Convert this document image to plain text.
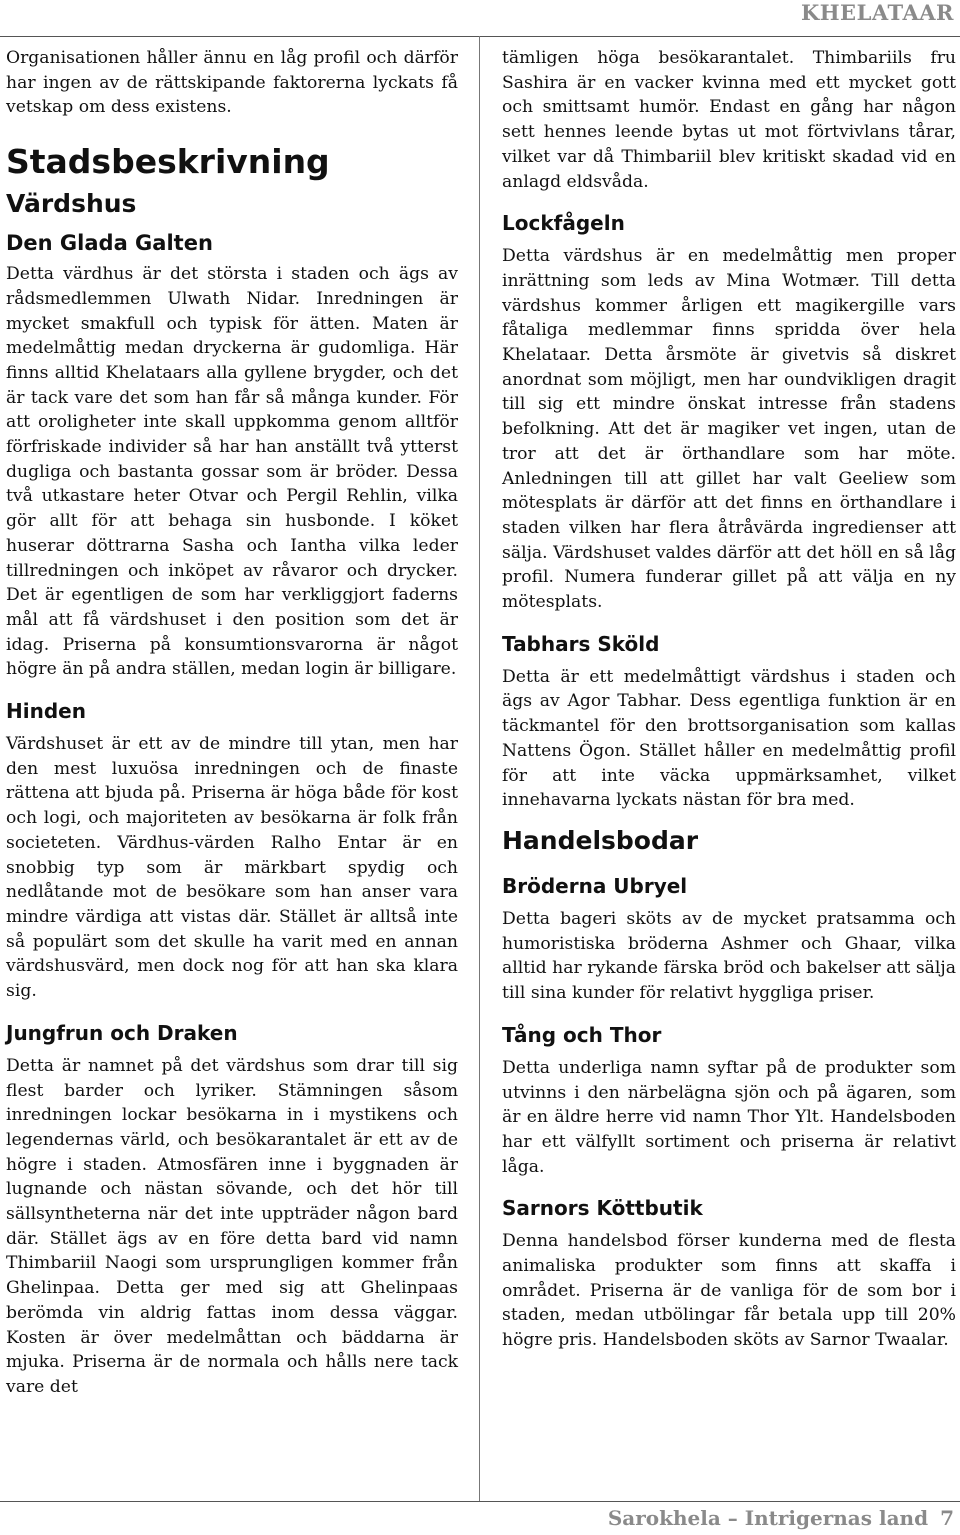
KHELATAAR

Organisationen håller ännu en låg profil och därför har ingen av de rättskipande faktorerna lyckats få vetskap om dess existens.

Stadsbeskrivning
Värdshus
Den Glada Galten

Detta värdhus är det största i staden och ägs av rådsmedlemmen Ulwath Nidar. Inredningen är mycket smakfull och typisk för ätten. Maten är medelmåttig medan dryckerna är gudomliga. Här finns alltid Khelataars alla gyllene brygder, och det är tack vare det som han får så många kunder. För att oroligheter inte skall uppkomma genom alltför förfriskade individer så har han anställt två ytterst dugliga och bastanta gossar som är bröder. Dessa två utkastare heter Otvar och Pergil Rehlin, vilka gör allt för att behaga sin husbonde. I köket huserar döttrarna Sasha och Iantha vilka leder tillredningen och inköpet av råvaror och drycker. Det är egentligen de som har verkliggjort faderns mål att få värdshuset i den position som det är idag. Priserna på konsumtionsvarorna är något högre än på andra ställen, medan login är billigare.

Hinden

Värdshuset är ett av de mindre till ytan, men har den mest luxuösa inredningen och de finaste rättena att bjuda på. Priserna är höga både för kost och logi, och majoriteten av besökarna är folk från societeten. Värdhus-värden Ralho Entar är en snobbig typ som är märkbart spydig och nedlåtande mot de besökare som han anser vara mindre värdiga att vistas där. Stället är alltså inte så populärt som det skulle ha varit med en annan värdshusvärd, men dock nog för att han ska klara sig.

Jungfrun och Draken

Detta är namnet på det värdshus som drar till sig flest barder och lyriker. Stämningen såsom inredningen lockar besökarna in i mystikens och legendernas värld, och besökarantalet är ett av de högre i staden. Atmosfären inne i byggnaden är lugnande och nästan sövande, och det hör till sällsyntheterna när det inte uppträder någon bard där. Stället ägs av en före detta bard vid namn Thimbariil Naogi som ursprungligen kommer från Ghelinpaa. Detta ger med sig att Ghelinpaas berömda vin aldrig fattas inom dessa väggar. Kosten är över medelmåttan och bäddarna är mjuka. Priserna är de normala och hålls nere tack vare det

tämligen höga besökarantalet. Thimbariils fru Sashira är en vacker kvinna med ett mycket gott och smittsamt humör. Endast en gång har någon sett hennes leende bytas ut mot förtvivlans tårar, vilket var då Thimbariil blev kritiskt skadad vid en anlagd eldsvåda.

Lockfågeln

Detta värdshus är en medelmåttig men proper inrättning som leds av Mina Wotmær. Till detta värdshus kommer årligen ett magikergille vars fåtaliga medlemmar finns spridda över hela Khelataar. Detta årsmöte är givetvis så diskret anordnat som möjligt, men har oundvikligen dragit till sig ett mindre önskat intresse från stadens befolkning. Att det är magiker vet ingen, utan de tror att det är örthandlare som har möte. Anledningen till att gillet har valt Geeliew som mötesplats är därför att det finns en örthandlare i staden vilken har flera åtråvärda ingredienser att sälja. Värdshuset valdes därför att det höll en så låg profil. Numera funderar gillet på att välja en ny mötesplats.

Tabhars Sköld

Detta är ett medelmåttigt värdshus i staden och ägs av Agor Tabhar. Dess egentliga funktion är en täckmantel för den brottsorganisation som kallas Nattens Ögon. Stället håller en medelmåttig profil för att inte väcka uppmärksamhet, vilket innehavarna lyckats nästan för bra med.

Handelsbodar
Bröderna Ubryel

Detta bageri sköts av de mycket pratsamma och humoristiska bröderna Ashmer och Ghaar, vilka alltid har rykande färska bröd och bakelser att sälja till sina kunder för relativt hyggliga priser.

Tång och Thor

Detta underliga namn syftar på de produkter som utvinns i den närbelägna sjön och på ägaren, som är en äldre herre vid namn Thor Ylt. Handelsboden har ett välfyllt sortiment och priserna är relativt låga.

Sarnors Köttbutik

Denna handelsbod förser kunderna med de flesta animaliska produkter som finns att skaffa i området. Priserna är de vanliga för de som bor i staden, medan utbölingar får betala upp till 20% högre pris. Handelsboden sköts av Sarnor Twaalar.

Sarokhela – Intrigernas land 7
